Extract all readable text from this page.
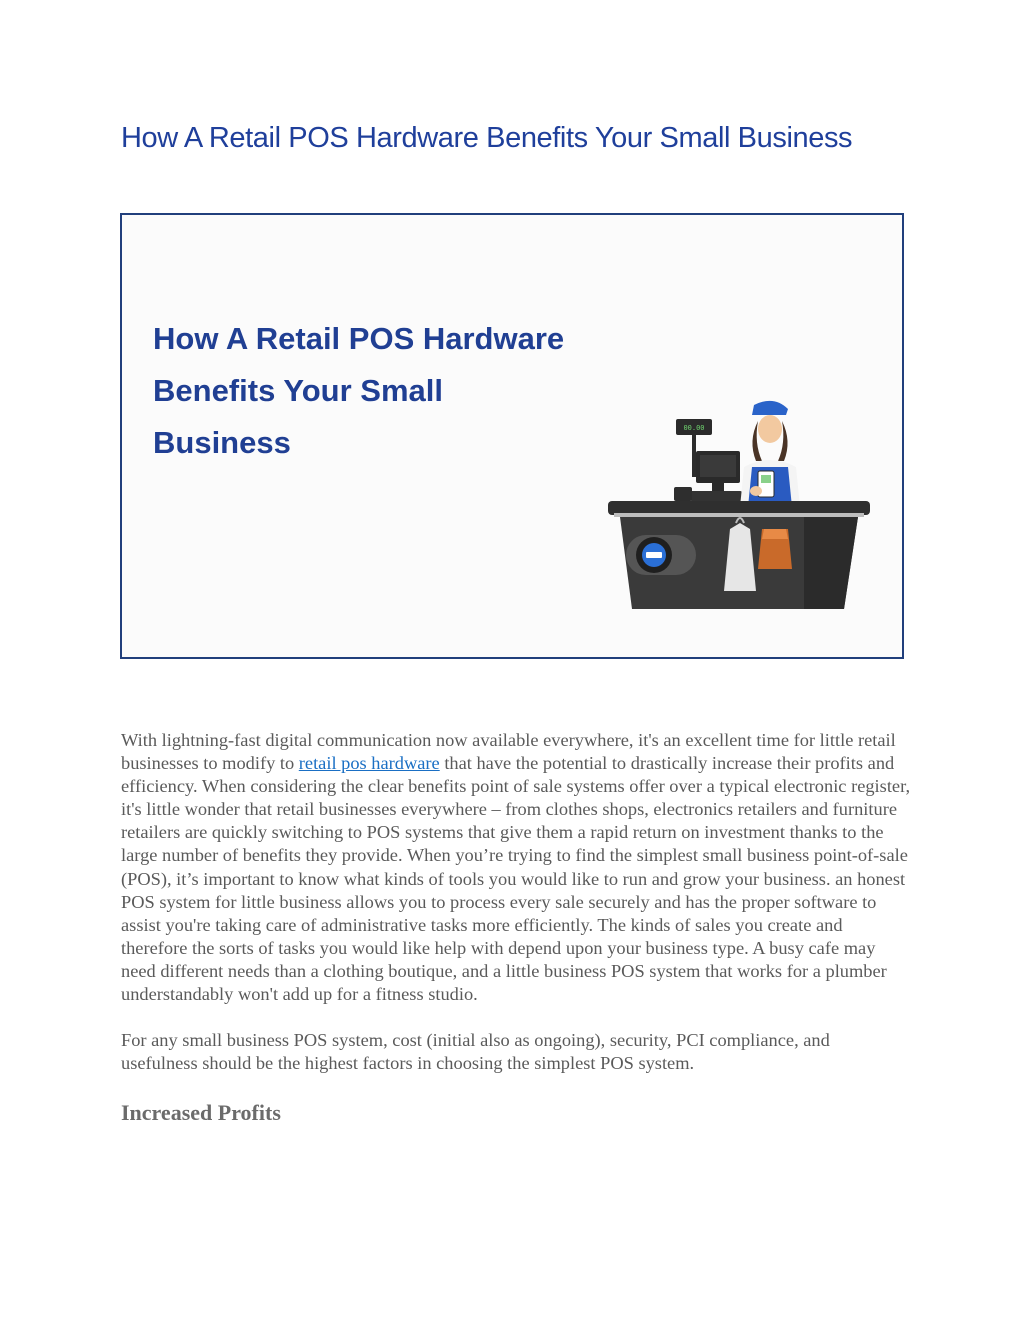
How A Retail POS Hardware Benefits Your Small Business
How A Retail POS Hardware
Benefits Your Small
Business	00.00

With lightning-fast digital communication now available everywhere, it's an excellent time for little retail businesses to modify to retail pos hardware that have the potential to drastically increase their profits and efficiency. When considering the clear benefits point of sale systems offer over a typical electronic register, it's little wonder that retail businesses everywhere – from clothes shops, electronics retailers and furniture retailers are quickly switching to POS systems that give them a rapid return on investment thanks to the large number of benefits they provide. When you’re trying to find the simplest small business point-of-sale (POS), it’s important to know what kinds of tools you would like to run and grow your business. an honest POS system for little business allows you to process every sale securely and has the proper software to assist you're taking care of administrative tasks more efficiently. The kinds of sales you create and therefore the sorts of tasks you would like help with depend upon your business type. A busy cafe may need different needs than a clothing boutique, and a little business POS system that works for a plumber understandably won't add up for a fitness studio.

For any small business POS system, cost (initial also as ongoing), security, PCI compliance, and usefulness should be the highest factors in choosing the simplest POS system.

Increased Profits
